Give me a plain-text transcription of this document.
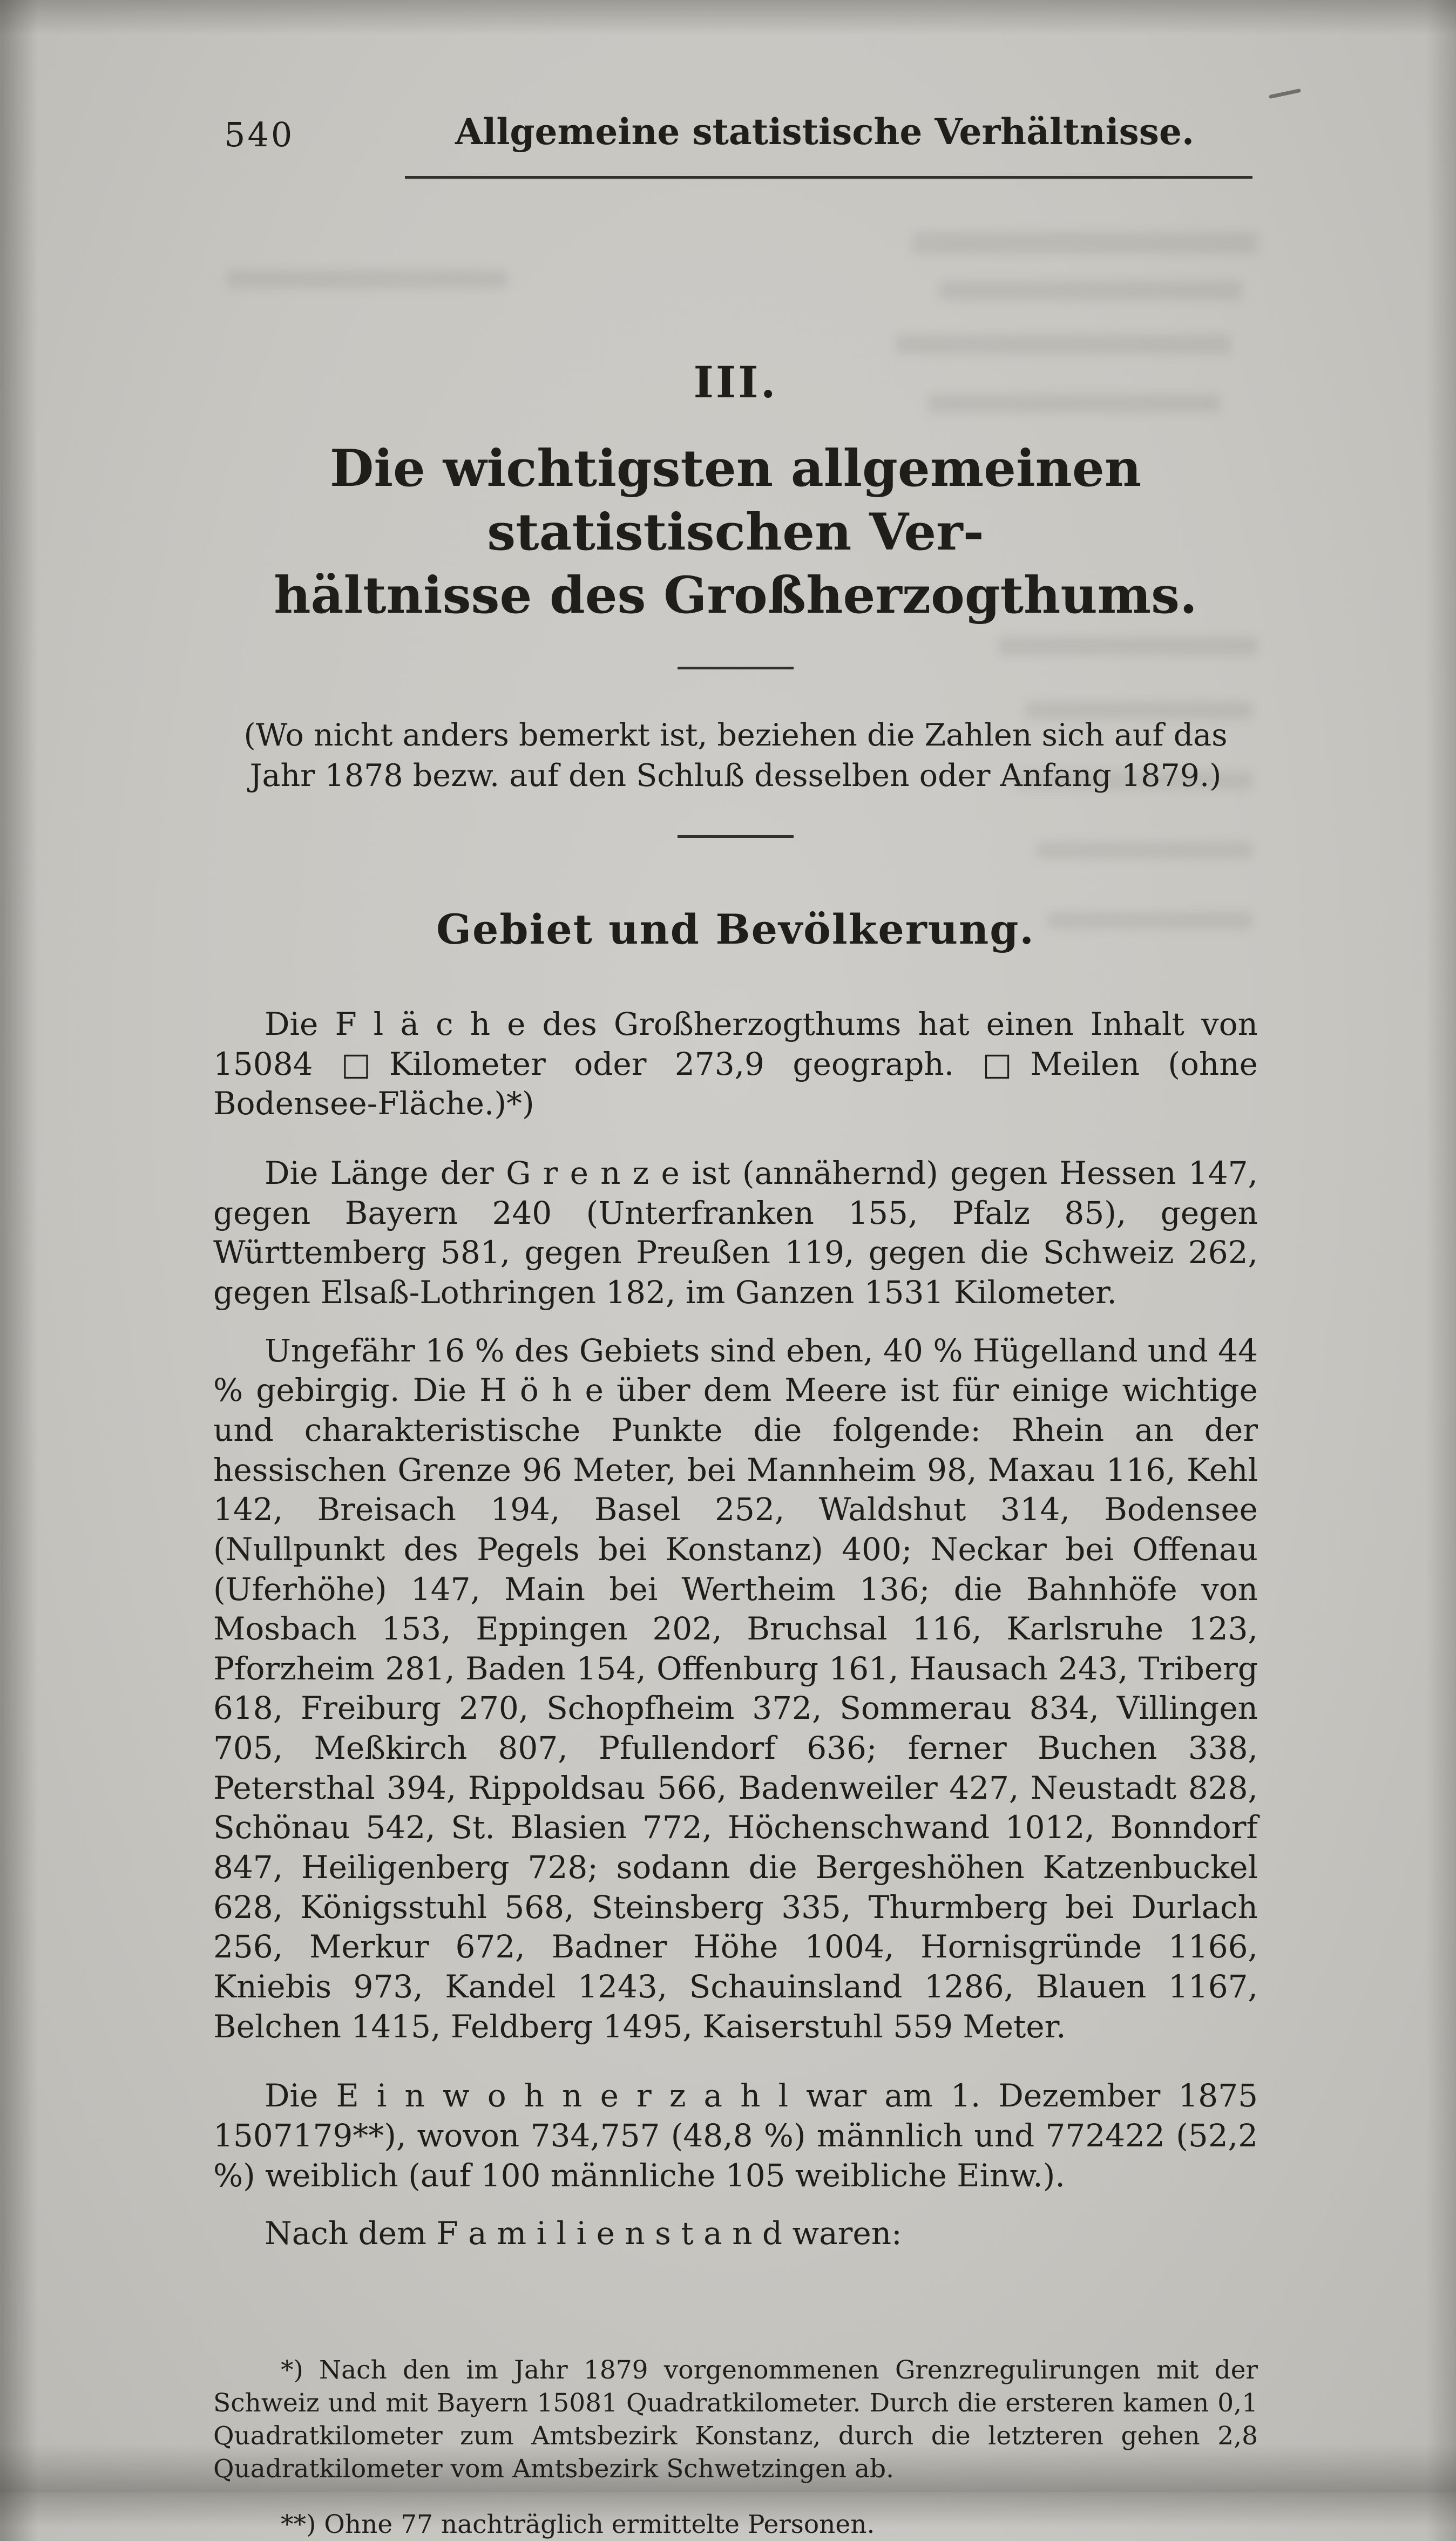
540	Allgemeine statistische Verhältnisse.
III.
Die wichtigsten allgemeinen statistischen Ver-
hältnisse des Großherzogthums.
(Wo nicht anders bemerkt ist, beziehen die Zahlen sich auf das Jahr 1878 bezw. auf den Schluß desselben oder Anfang 1879.)
Gebiet und Bevölkerung.
Die F l ä c h e des Großherzogthums hat einen Inhalt von 15084 □Kilometer oder 273,9 geograph. □Meilen (ohne Bodensee-Fläche.)*)
Die Länge der G r e n z e ist (annähernd) gegen Hessen 147, gegen Bayern 240 (Unterfranken 155, Pfalz 85), gegen Württemberg 581, gegen Preußen 119, gegen die Schweiz 262, gegen Elsaß-Lothringen 182, im Ganzen 1531 Kilometer.
Ungefähr 16 % des Gebiets sind eben, 40 % Hügelland und 44 % gebirgig. Die H ö h e über dem Meere ist für einige wichtige und charakteristische Punkte die folgende: Rhein an der hessischen Grenze 96 Meter, bei Mannheim 98, Maxau 116, Kehl 142, Breisach 194, Basel 252, Waldshut 314, Bodensee (Nullpunkt des Pegels bei Konstanz) 400; Neckar bei Offenau (Uferhöhe) 147, Main bei Wertheim 136; die Bahnhöfe von Mosbach 153, Eppingen 202, Bruchsal 116, Karlsruhe 123, Pforzheim 281, Baden 154, Offenburg 161, Hausach 243, Triberg 618, Freiburg 270, Schopfheim 372, Sommerau 834, Villingen 705, Meßkirch 807, Pfullendorf 636; ferner Buchen 338, Petersthal 394, Rippoldsau 566, Badenweiler 427, Neustadt 828, Schönau 542, St. Blasien 772, Höchenschwand 1012, Bonndorf 847, Heiligenberg 728; sodann die Bergeshöhen Katzenbuckel 628, Königsstuhl 568, Steinsberg 335, Thurmberg bei Durlach 256, Merkur 672, Badner Höhe 1004, Hornisgründe 1166, Kniebis 973, Kandel 1243, Schauinsland 1286, Blauen 1167, Belchen 1415, Feldberg 1495, Kaiserstuhl 559 Meter.
Die E i n w o h n e r z a h l war am 1. Dezember 1875 1507179**), wovon 734,757 (48,8 %) männlich und 772422 (52,2 %) weiblich (auf 100 männliche 105 weibliche Einw.).
Nach dem F a m i l i e n s t a n d waren:
*) Nach den im Jahr 1879 vorgenommenen Grenzregulirungen mit der Schweiz und mit Bayern 15081 Quadratkilometer. Durch die ersteren kamen 0,1 Quadratkilometer zum Amtsbezirk Konstanz, durch die letzteren gehen 2,8 Quadratkilometer vom Amtsbezirk Schwetzingen ab.
**) Ohne 77 nachträglich ermittelte Personen.
